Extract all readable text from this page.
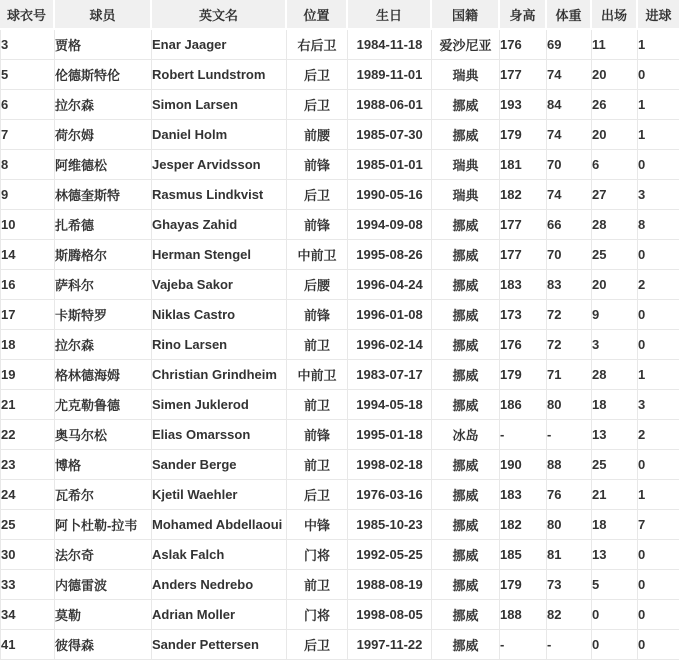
球衣号	球员	英文名	位置	生日	国籍	身高	体重	出场	进球
3	贾格	Enar Jaager	右后卫	1984-11-18	爱沙尼亚	176	69	11	1
5	伦德斯特伦	Robert Lundstrom	后卫	1989-11-01	瑞典	177	74	20	0
6	拉尔森	Simon Larsen	后卫	1988-06-01	挪威	193	84	26	1
7	荷尔姆	Daniel Holm	前腰	1985-07-30	挪威	179	74	20	1
8	阿维德松	Jesper Arvidsson	前锋	1985-01-01	瑞典	181	70	6	0
9	林德奎斯特	Rasmus Lindkvist	后卫	1990-05-16	瑞典	182	74	27	3
10	扎希德	Ghayas Zahid	前锋	1994-09-08	挪威	177	66	28	8
14	斯腾格尔	Herman Stengel	中前卫	1995-08-26	挪威	177	70	25	0
16	萨科尔	Vajeba Sakor	后腰	1996-04-24	挪威	183	83	20	2
17	卡斯特罗	Niklas Castro	前锋	1996-01-08	挪威	173	72	9	0
18	拉尔森	Rino Larsen	前卫	1996-02-14	挪威	176	72	3	0
19	格林德海姆	Christian Grindheim	中前卫	1983-07-17	挪威	179	71	28	1
21	尤克勒鲁德	Simen Juklerod	前卫	1994-05-18	挪威	186	80	18	3
22	奥马尔松	Elias Omarsson	前锋	1995-01-18	冰岛	-	-	13	2
23	博格	Sander Berge	前卫	1998-02-18	挪威	190	88	25	0
24	瓦希尔	Kjetil Waehler	后卫	1976-03-16	挪威	183	76	21	1
25	阿卜杜勒-拉韦	Mohamed Abdellaoui	中锋	1985-10-23	挪威	182	80	18	7
30	法尔奇	Aslak Falch	门将	1992-05-25	挪威	185	81	13	0
33	内德雷波	Anders Nedrebo	前卫	1988-08-19	挪威	179	73	5	0
34	莫勒	Adrian Moller	门将	1998-08-05	挪威	188	82	0	0
41	彼得森	Sander Pettersen	后卫	1997-11-22	挪威	-	-	0	0
